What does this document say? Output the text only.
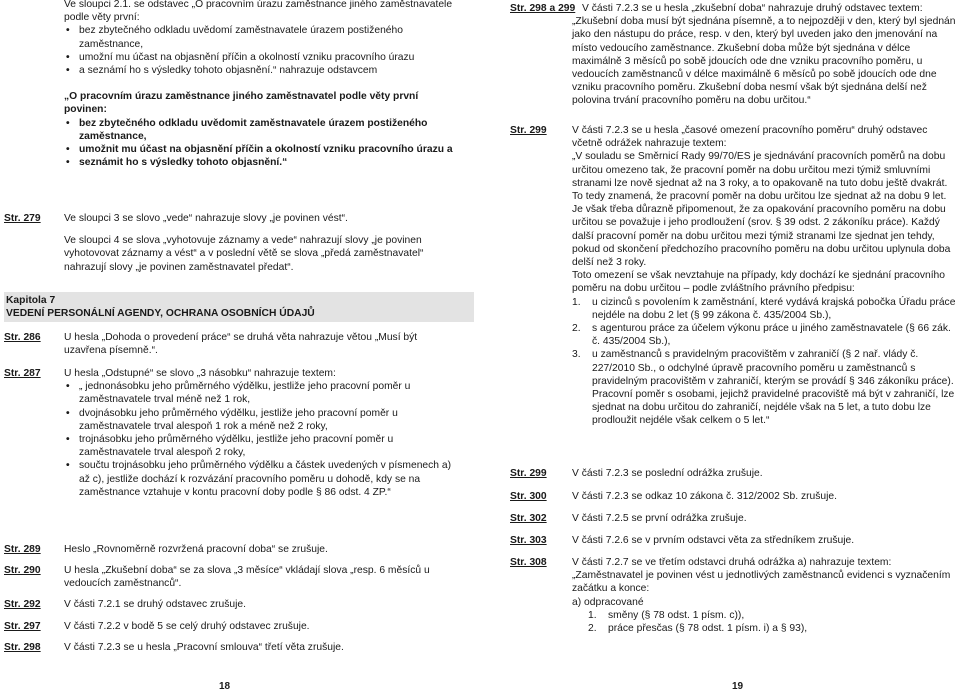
Ve sloupci 2.1. se odstavec „O pracovním úrazu zaměstnance jiného zaměstnavatele podle věty první:

• bez zbytečného odkladu uvědomí zaměstnavatele úrazem postiženého zaměstnance,
• umožní mu účast na objasnění příčin a okolností vzniku pracovního úrazu
• a seznámí ho s výsledky tohoto objasnění.“ nahrazuje odstavcem

„O pracovním úrazu zaměstnance jiného zaměstnavatel podle věty první povinen:

• bez zbytečného odkladu uvědomit zaměstnavatele úrazem postiženého zaměstnance,
• umožnit mu účast na objasnění příčin a okolností vzniku pracovního úrazu a
• seznámit ho s výsledky tohoto objasnění.“
Str. 279	Ve sloupci 3 se slovo „vede“ nahrazuje slovy „je povinen vést“.

Ve sloupci 4 se slova „vyhotovuje záznamy a vede“ nahrazují slovy „je povinen vyhotovovat záznamy a vést“ a v poslední větě se slova „předá zaměstnavatel“ nahrazují slovy „je povinen zaměstnavatel předat“.

Kapitola 7
VEDENÍ PERSONÁLNÍ AGENDY, OCHRANA OSOBNÍCH ÚDAJŮ
Str. 286	U hesla „Dohoda o provedení práce“ se druhá věta nahrazuje větou „Musí být uzavřena písemně.“.

Str. 287	U hesla „Odstupné“ se slovo „3 násobku“ nahrazuje textem:

• „ jednonásobku jeho průměrného výdělku, jestliže jeho pracovní poměr u zaměstnavatele trval méně než 1 rok,
• dvojnásobku jeho průměrného výdělku, jestliže jeho pracovní poměr u zaměstnavatele trval alespoň 1 rok a méně než 2 roky,
• trojnásobku jeho průměrného výdělku, jestliže jeho pracovní poměr u zaměstnavatele trval alespoň 2 roky,
• součtu trojnásobku jeho průměrného výdělku a částek uvedených v písmenech a) až c), jestliže dochází k rozvázání pracovního poměru u dohodě, kdy se na zaměstnance vztahuje v kontu pracovní doby podle § 86 odst. 4 ZP.“
Str. 289	Heslo „Rovnoměrně rozvržená pracovní doba“ se zrušuje.

Str. 290	U hesla „Zkušební doba“ se za slova „3 měsíce“ vkládají slova „resp. 6 měsíců u vedoucích zaměstnanců“.

Str. 292	V části 7.2.1 se druhý odstavec zrušuje.

Str. 297	V části 7.2.2 v bodě 5 se celý druhý odstavec zrušuje.

Str. 298	V části 7.2.3 se u hesla „Pracovní smlouva“ třetí věta zrušuje.

18
Str. 298 a 299 V části 7.2.3 se u hesla „zkušební doba“ nahrazuje druhý odstavec textem:

„Zkušební doba musí být sjednána písemně, a to nejpozději v den, který byl sjednán jako den nástupu do práce, resp. v den, který byl uveden jako den jmenování na místo vedoucího zaměstnance. Zkušební doba může být sjednána v délce maximálně 3 měsíců po sobě jdoucích ode dne vzniku pracovního poměru, u vedoucích zaměstnanců v délce maximálně 6 měsíců po sobě jdoucích ode dne vzniku pracovního poměru. Zkušební doba nesmí však být sjednána delší než polovina trvání pracovního poměru na dobu určitou.“

Str. 299	V části 7.2.3 se u hesla „časové omezení pracovního poměru“ druhý odstavec včetně odrážek nahrazuje textem:

„V souladu se Směrnicí Rady 99/70/ES je sjednávání pracovních poměrů na dobu určitou omezeno tak, že pracovní poměr na dobu určitou mezi týmiž smluvními stranami lze nově sjednat až na 3 roky, a to opakovaně na tuto dobu ještě dvakrát. To tedy znamená, že pracovní poměr na dobu určitou lze sjednat až na dobu 9 let. Je však třeba důrazně připomenout, že za opakování pracovního poměru na dobu určitou se považuje i jeho prodloužení (srov. § 39 odst. 2 zákoníku práce). Každý další pracovní poměr na dobu určitou mezi týmiž stranami lze sjednat jen tehdy, pokud od skončení předchozího pracovního poměru na dobu určitou uplynula doba delší než 3 roky.

Toto omezení se však nevztahuje na případy, kdy dochází ke sjednání pracovního poměru na dobu určitou – podle zvláštního právního předpisu:

1. u cizinců s povolením k zaměstnání, které vydává krajská pobočka Úřadu práce nejdéle na dobu 2 let (§ 99 zákona č. 435/2004 Sb.),
2. s agenturou práce za účelem výkonu práce u jiného zaměstnavatele (§ 66 zák. č. 435/2004 Sb.),
3. u zaměstnanců s pravidelným pracovištěm v zahraničí (§ 2 nař. vlády č. 227/2010 Sb., o odchylné úpravě pracovního poměru u zaměstnanců s pravidelným pracovištěm v zahraničí, kterým se provádí § 346 zákoníku práce). Pracovní poměr s osobami, jejichž pravidelné pracoviště má být v zahraničí, lze sjednat na dobu určitou do zahraničí, nejdéle však na 5 let, a tuto dobu lze prodloužit nejdéle však celkem o 5 let.“
Str. 299	V části 7.2.3 se poslední odrážka zrušuje.

Str. 300	V části 7.2.3 se odkaz 10 zákona č. 312/2002 Sb. zrušuje.

Str. 302	V části 7.2.5 se první odrážka zrušuje.

Str. 303	V části 7.2.6 se v prvním odstavci věta za středníkem zrušuje.

Str. 308	V části 7.2.7 se ve třetím odstavci druhá odrážka a) nahrazuje textem:

„Zaměstnavatel je povinen vést u jednotlivých zaměstnanců evidenci s vyznačením začátku a konce:

a) odpracované

1. směny (§ 78 odst. 1 písm. c)),
2. práce přesčas (§ 78 odst. 1 písm. i) a § 93),
19
